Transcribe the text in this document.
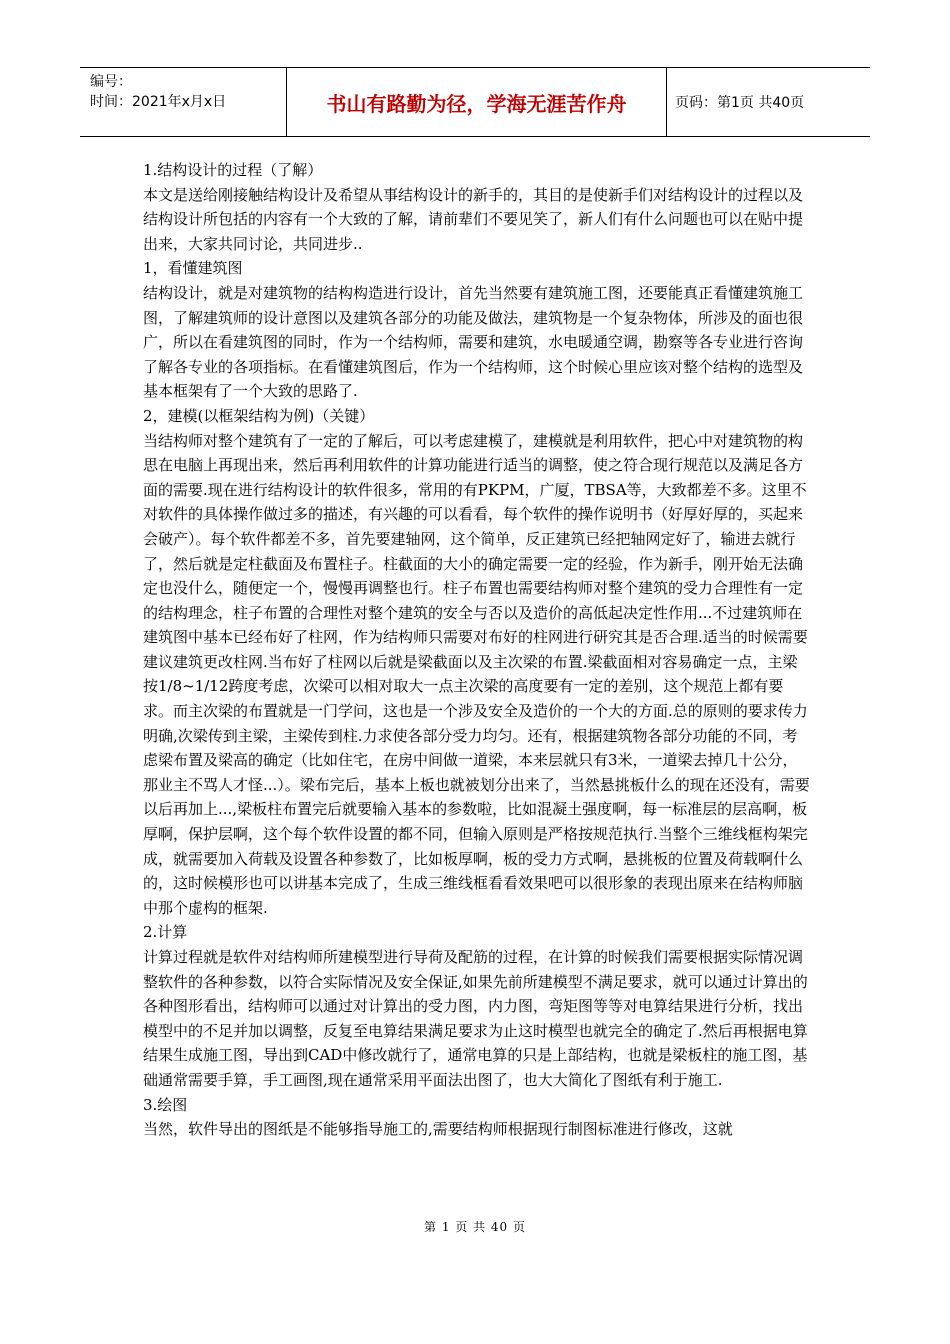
编号：
时间：2021年x月x日	书山有路勤为径，学海无涯苦作舟	页码：第1页 共40页

1.结构设计的过程（了解）

本文是送给刚接触结构设计及希望从事结构设计的新手的，其目的是使新手们对结构设计的过程以及结构设计所包括的内容有一个大致的了解，请前辈们不要见笑了，新人们有什么问题也可以在贴中提出来，大家共同讨论，共同进步..

1，看懂建筑图

结构设计，就是对建筑物的结构构造进行设计，首先当然要有建筑施工图，还要能真正看懂建筑施工图，了解建筑师的设计意图以及建筑各部分的功能及做法，建筑物是一个复杂物体，所涉及的面也很广，所以在看建筑图的同时，作为一个结构师，需要和建筑，水电暖通空调，勘察等各专业进行咨询了解各专业的各项指标。在看懂建筑图后，作为一个结构师，这个时候心里应该对整个结构的选型及基本框架有了一个大致的思路了.

2，建模(以框架结构为例)（关键）

当结构师对整个建筑有了一定的了解后，可以考虑建模了，建模就是利用软件，把心中对建筑物的构思在电脑上再现出来，然后再利用软件的计算功能进行适当的调整，使之符合现行规范以及满足各方面的需要.现在进行结构设计的软件很多，常用的有PKPM，广厦，TBSA等，大致都差不多。这里不对软件的具体操作做过多的描述，有兴趣的可以看看，每个软件的操作说明书（好厚好厚的，买起来会破产）。每个软件都差不多，首先要建轴网，这个简单，反正建筑已经把轴网定好了，输进去就行了，然后就是定柱截面及布置柱子。柱截面的大小的确定需要一定的经验，作为新手，刚开始无法确定也没什么，随便定一个，慢慢再调整也行。柱子布置也需要结构师对整个建筑的受力合理性有一定的结构理念，柱子布置的合理性对整个建筑的安全与否以及造价的高低起决定性作用...不过建筑师在建筑图中基本已经布好了柱网，作为结构师只需要对布好的柱网进行研究其是否合理.适当的时候需要建议建筑更改柱网.当布好了柱网以后就是梁截面以及主次梁的布置.梁截面相对容易确定一点，主梁按1/8~1/12跨度考虑，次梁可以相对取大一点主次梁的高度要有一定的差别，这个规范上都有要求。而主次梁的布置就是一门学问，这也是一个涉及安全及造价的一个大的方面.总的原则的要求传力明确,次梁传到主梁，主梁传到柱.力求使各部分受力均匀。还有，根据建筑物各部分功能的不同，考虑梁布置及梁高的确定（比如住宅，在房中间做一道梁，本来层就只有3米，一道梁去掉几十公分，那业主不骂人才怪...）。梁布完后，基本上板也就被划分出来了，当然悬挑板什么的现在还没有，需要以后再加上...,梁板柱布置完后就要输入基本的参数啦，比如混凝土强度啊，每一标准层的层高啊，板厚啊，保护层啊，这个每个软件设置的都不同，但输入原则是严格按规范执行.当整个三维线框构架完成，就需要加入荷载及设置各种参数了，比如板厚啊，板的受力方式啊，悬挑板的位置及荷载啊什么的，这时候模形也可以讲基本完成了，生成三维线框看看效果吧可以很形象的表现出原来在结构师脑中那个虚构的框架.

2.计算

计算过程就是软件对结构师所建模型进行导荷及配筋的过程，在计算的时候我们需要根据实际情况调整软件的各种参数，以符合实际情况及安全保证,如果先前所建模型不满足要求，就可以通过计算出的各种图形看出，结构师可以通过对计算出的受力图，内力图，弯矩图等等对电算结果进行分析，找出模型中的不足并加以调整，反复至电算结果满足要求为止这时模型也就完全的确定了.然后再根据电算结果生成施工图，导出到CAD中修改就行了，通常电算的只是上部结构，也就是梁板柱的施工图，基础通常需要手算，手工画图,现在通常采用平面法出图了，也大大简化了图纸有利于施工.

3.绘图

当然，软件导出的图纸是不能够指导施工的,需要结构师根据现行制图标准进行修改，这就

第 1 页 共 40 页
